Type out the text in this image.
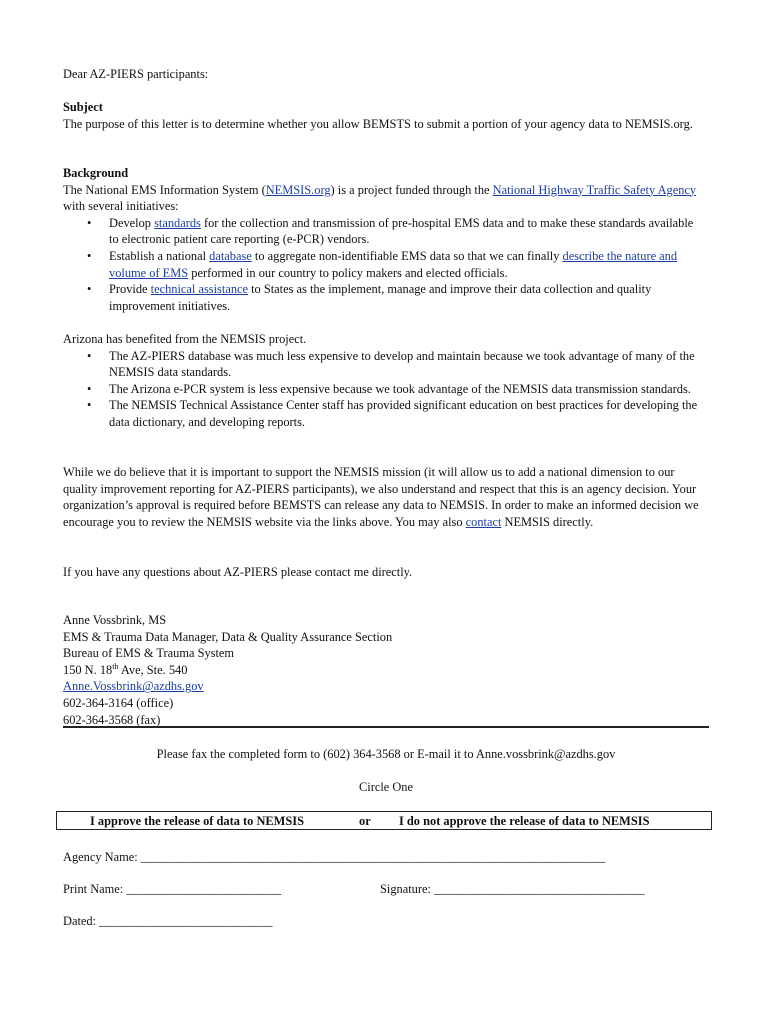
Dear AZ-PIERS participants:

Subject

The purpose of this letter is to determine whether you allow BEMSTS to submit a portion of your agency data to NEMSIS.org.

Background

The National EMS Information System (NEMSIS.org) is a project funded through the National Highway Traffic Safety Agency with several initiatives:

• Develop standards for the collection and transmission of pre-hospital EMS data and to make these standards available to electronic patient care reporting (e-PCR) vendors.
• Establish a national database to aggregate non-identifiable EMS data so that we can finally describe the nature and volume of EMS performed in our country to policy makers and elected officials.
• Provide technical assistance to States as the implement, manage and improve their data collection and quality improvement initiatives.

Arizona has benefited from the NEMSIS project.

• The AZ-PIERS database was much less expensive to develop and maintain because we took advantage of many of the NEMSIS data standards.
• The Arizona e-PCR system is less expensive because we took advantage of the NEMSIS data transmission standards.
• The NEMSIS Technical Assistance Center staff has provided significant education on best practices for developing the data dictionary, and developing reports.

While we do believe that it is important to support the NEMSIS mission (it will allow us to add a national dimension to our quality improvement reporting for AZ-PIERS participants), we also understand and respect that this is an agency decision. Your organization’s approval is required before BEMSTS can release any data to NEMSIS. In order to make an informed decision we encourage you to review the NEMSIS website via the links above. You may also contact NEMSIS directly.

If you have any questions about AZ-PIERS please contact me directly.

Anne Vossbrink, MS

EMS & Trauma Data Manager, Data & Quality Assurance Section

Bureau of EMS & Trauma System

150 N. 18th Ave, Ste. 540

Anne.Vossbrink@azdhs.gov

602-364-3164 (office)

602-364-3568 (fax)

Please fax the completed form to (602) 364-3568 or E-mail it to Anne.vossbrink@azdhs.gov

Circle One

I approve the release of data to NEMSIS	or I do not approve the release of data to NEMSIS
Agency Name: ___________________________________________________________________________
Print Name: _________________________	Signature: __________________________________
Dated: ____________________________
